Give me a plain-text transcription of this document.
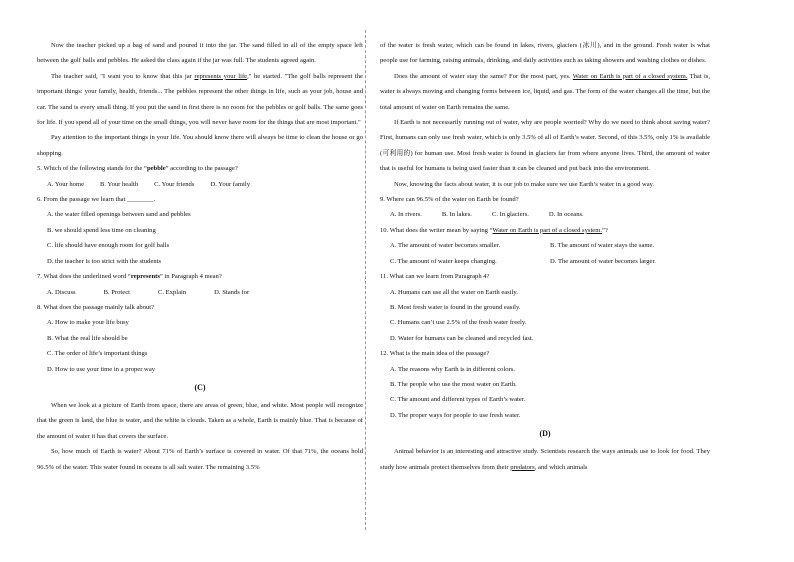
Now the teacher picked up a bag of sand and poured it into the jar. The sand filled in all of the empty space left between the golf balls and pebbles. He asked the class again if the jar was full. The students agreed again.

The teacher said, "I want you to know that this jar represents your life," he started. "The golf balls represent the important things: your family, health, friends... The pebbles represent the other things in life, such as your job, house and car. The sand is every small thing. If you put the sand in first there is no room for the pebbles or golf balls. The same goes for life. If you spend all of your time on the small things, you will never have room for the things that are most important."

Pay attention to the important things in your life. You should know there will always be time to clean the house or go shopping.

5. Which of the following stands for the “pebble” according to the passage?
A. Your home B. Your health C. Your friends D. Your family
6. From the passage we learn that ________.
A. the water filled openings between sand and pebbles
B. we should spend less time on cleaning
C. life should have enough room for golf balls
D. the teacher is too strict with the students
7. What does the underlined word “represents” in Paragraph 4 mean?
A. Discuss	B. Protect	C. Explain	D. Stands for
8. What does the passage mainly talk about?
A. How to make your life busy
B. What the real life should be
C. The order of life’s important things
D. How to use your time in a proper way
(C)

When we look at a picture of Earth from space, there are areas of green, blue, and white. Most people will recognize that the green is land, the blue is water, and the white is clouds. Taken as a whole, Earth is mainly blue. That is because of the amount of water it has that covers the surface.

So, how much of Earth is water? About 71% of Earth’s surface is covered in water. Of that 71%, the oceans hold 96.5% of the water. This water found in oceans is all salt water. The remaining 3.5%

of the water is fresh water, which can be found in lakes, rivers, glaciers (冰川), and in the ground. Fresh water is what people use for farming, raising animals, drinking, and daily activities such as taking showers and washing clothes or dishes.

Does the amount of water stay the same? For the most part, yes. Water on Earth is part of a closed system. That is, water is always moving and changing forms between ice, liquid, and gas. The form of the water changes all the time, but the total amount of water on Earth remains the same.

If Earth is not necessarily running out of water, why are people worried? Why do we need to think about saving water? First, humans can only use fresh water, which is only 3.5% of all of Earth’s water. Second, of this 3.5%, only 1% is available (可利用的) for human use. Most fresh water is found in glaciers far from where anyone lives. Third, the amount of water that is useful for humans is being used faster than it can be cleaned and put back into the environment.

Now, knowing the facts about water, it is our job to make sure we use Earth’s water in a good way.

9. Where can 96.5% of the water on Earth be found?
A. In rivers.	B. In lakes.	C. In glaciers.	D. In oceans.
10. What does the writer mean by saying “Water on Earth is part of a closed system.”?
A. The amount of water becomes smaller.	B. The amount of water stays the same.
C. The amount of water keeps changing.	D. The amount of water becomes larger.
11. What can we learn from Paragraph 4?
A. Humans can use all the water on Earth easily.
B. Most fresh water is found in the ground easily.
C. Humans can’t use 2.5% of the fresh water freely.
D. Water for humans can be cleaned and recycled fast.
12. What is the main idea of the passage?
A. The reasons why Earth is in different colors.
B. The people who use the most water on Earth.
C. The amount and different types of Earth’s water.
D. The proper ways for people to use fresh water.
(D)

Animal behavior is an interesting and attractive study. Scientists research the ways animals use to look for food. They study how animals protect themselves from their predators, and which animals
